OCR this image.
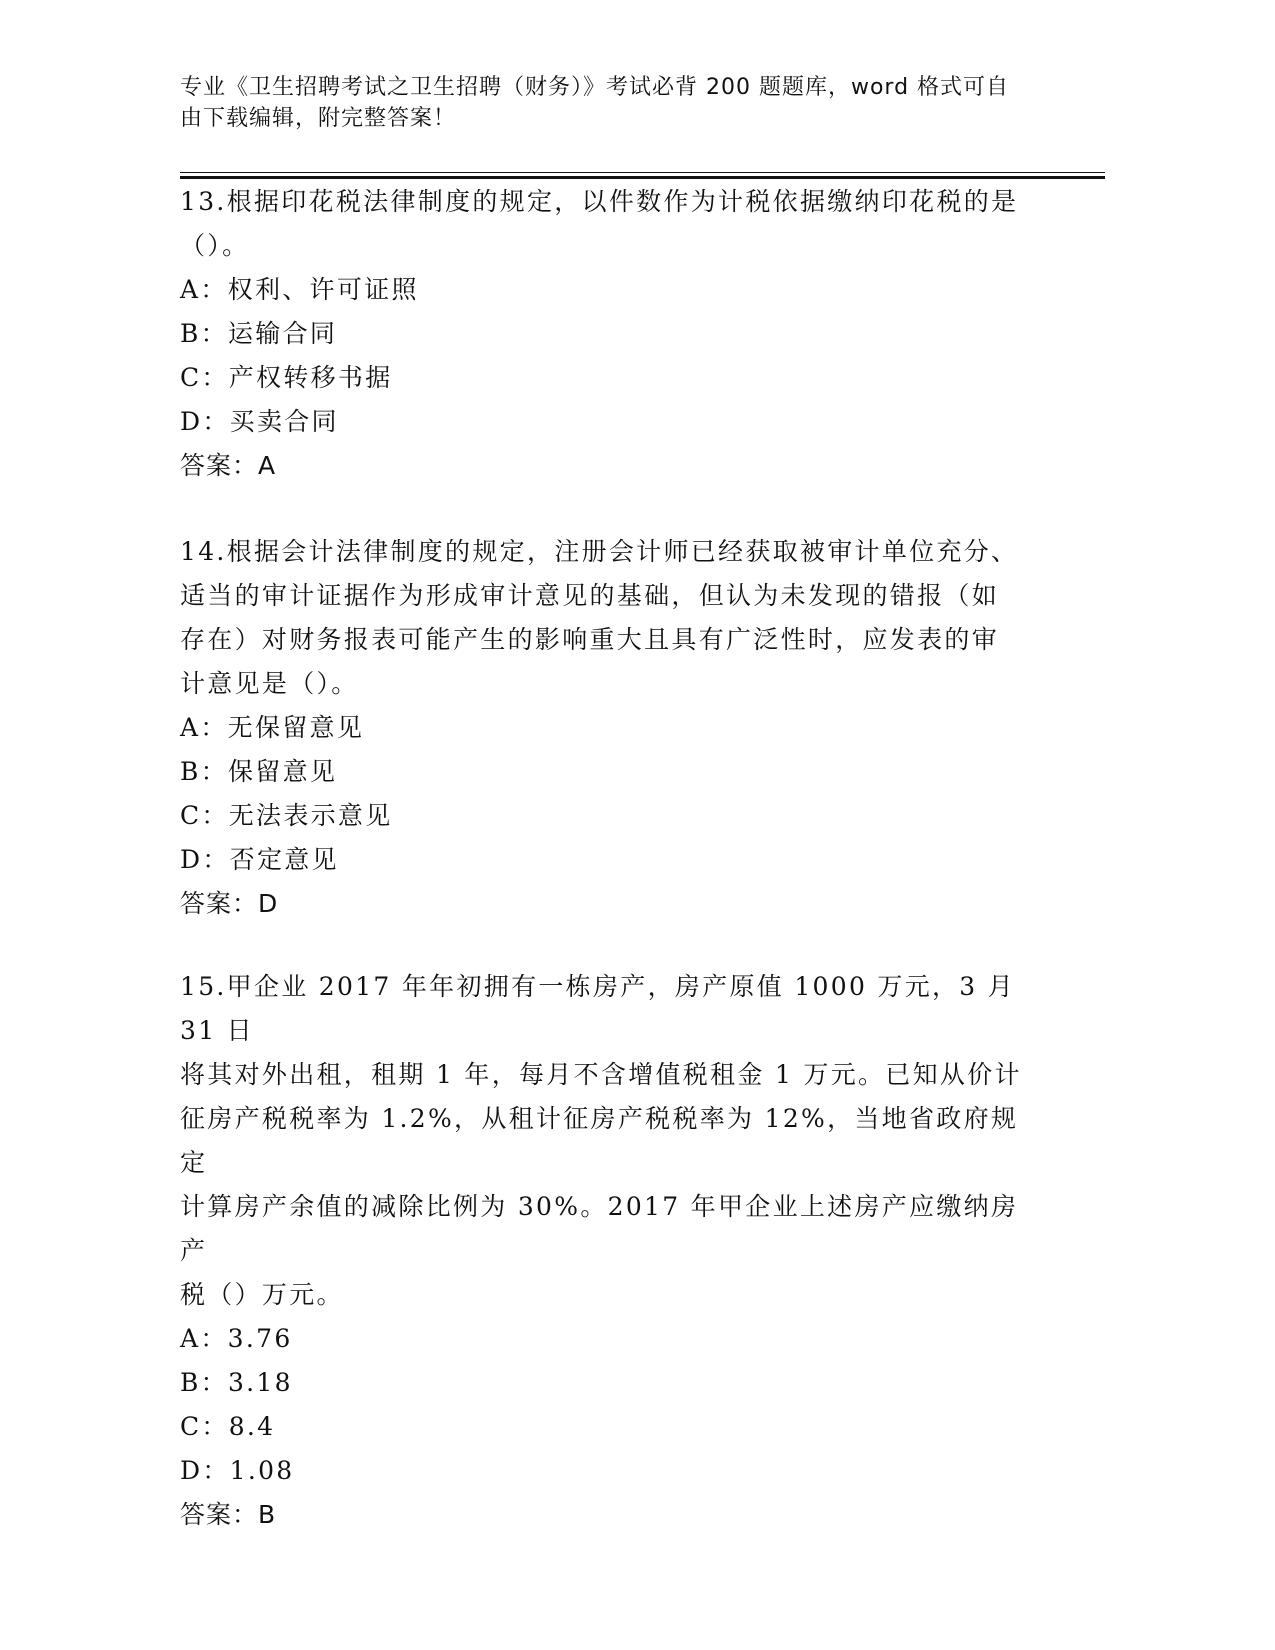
专业《卫生招聘考试之卫生招聘（财务）》考试必背 200 题题库，word 格式可自
由下载编辑，附完整答案！

13.根据印花税法律制度的规定，以件数作为计税依据缴纳印花税的是

（）。

A：权利、许可证照

B：运输合同

C：产权转移书据

D：买卖合同

答案：A

14.根据会计法律制度的规定，注册会计师已经获取被审计单位充分、

适当的审计证据作为形成审计意见的基础，但认为未发现的错报（如

存在）对财务报表可能产生的影响重大且具有广泛性时，应发表的审

计意见是（）。

A：无保留意见

B：保留意见

C：无法表示意见

D：否定意见

答案：D

15.甲企业 2017 年年初拥有一栋房产，房产原值 1000 万元，3 月 31 日

将其对外出租，租期 1 年，每月不含增值税租金 1 万元。已知从价计

征房产税税率为 1.2%，从租计征房产税税率为 12%，当地省政府规定

计算房产余值的减除比例为 30%。2017 年甲企业上述房产应缴纳房产

税（）万元。

A：3.76

B：3.18

C：8.4

D：1.08

答案：B
